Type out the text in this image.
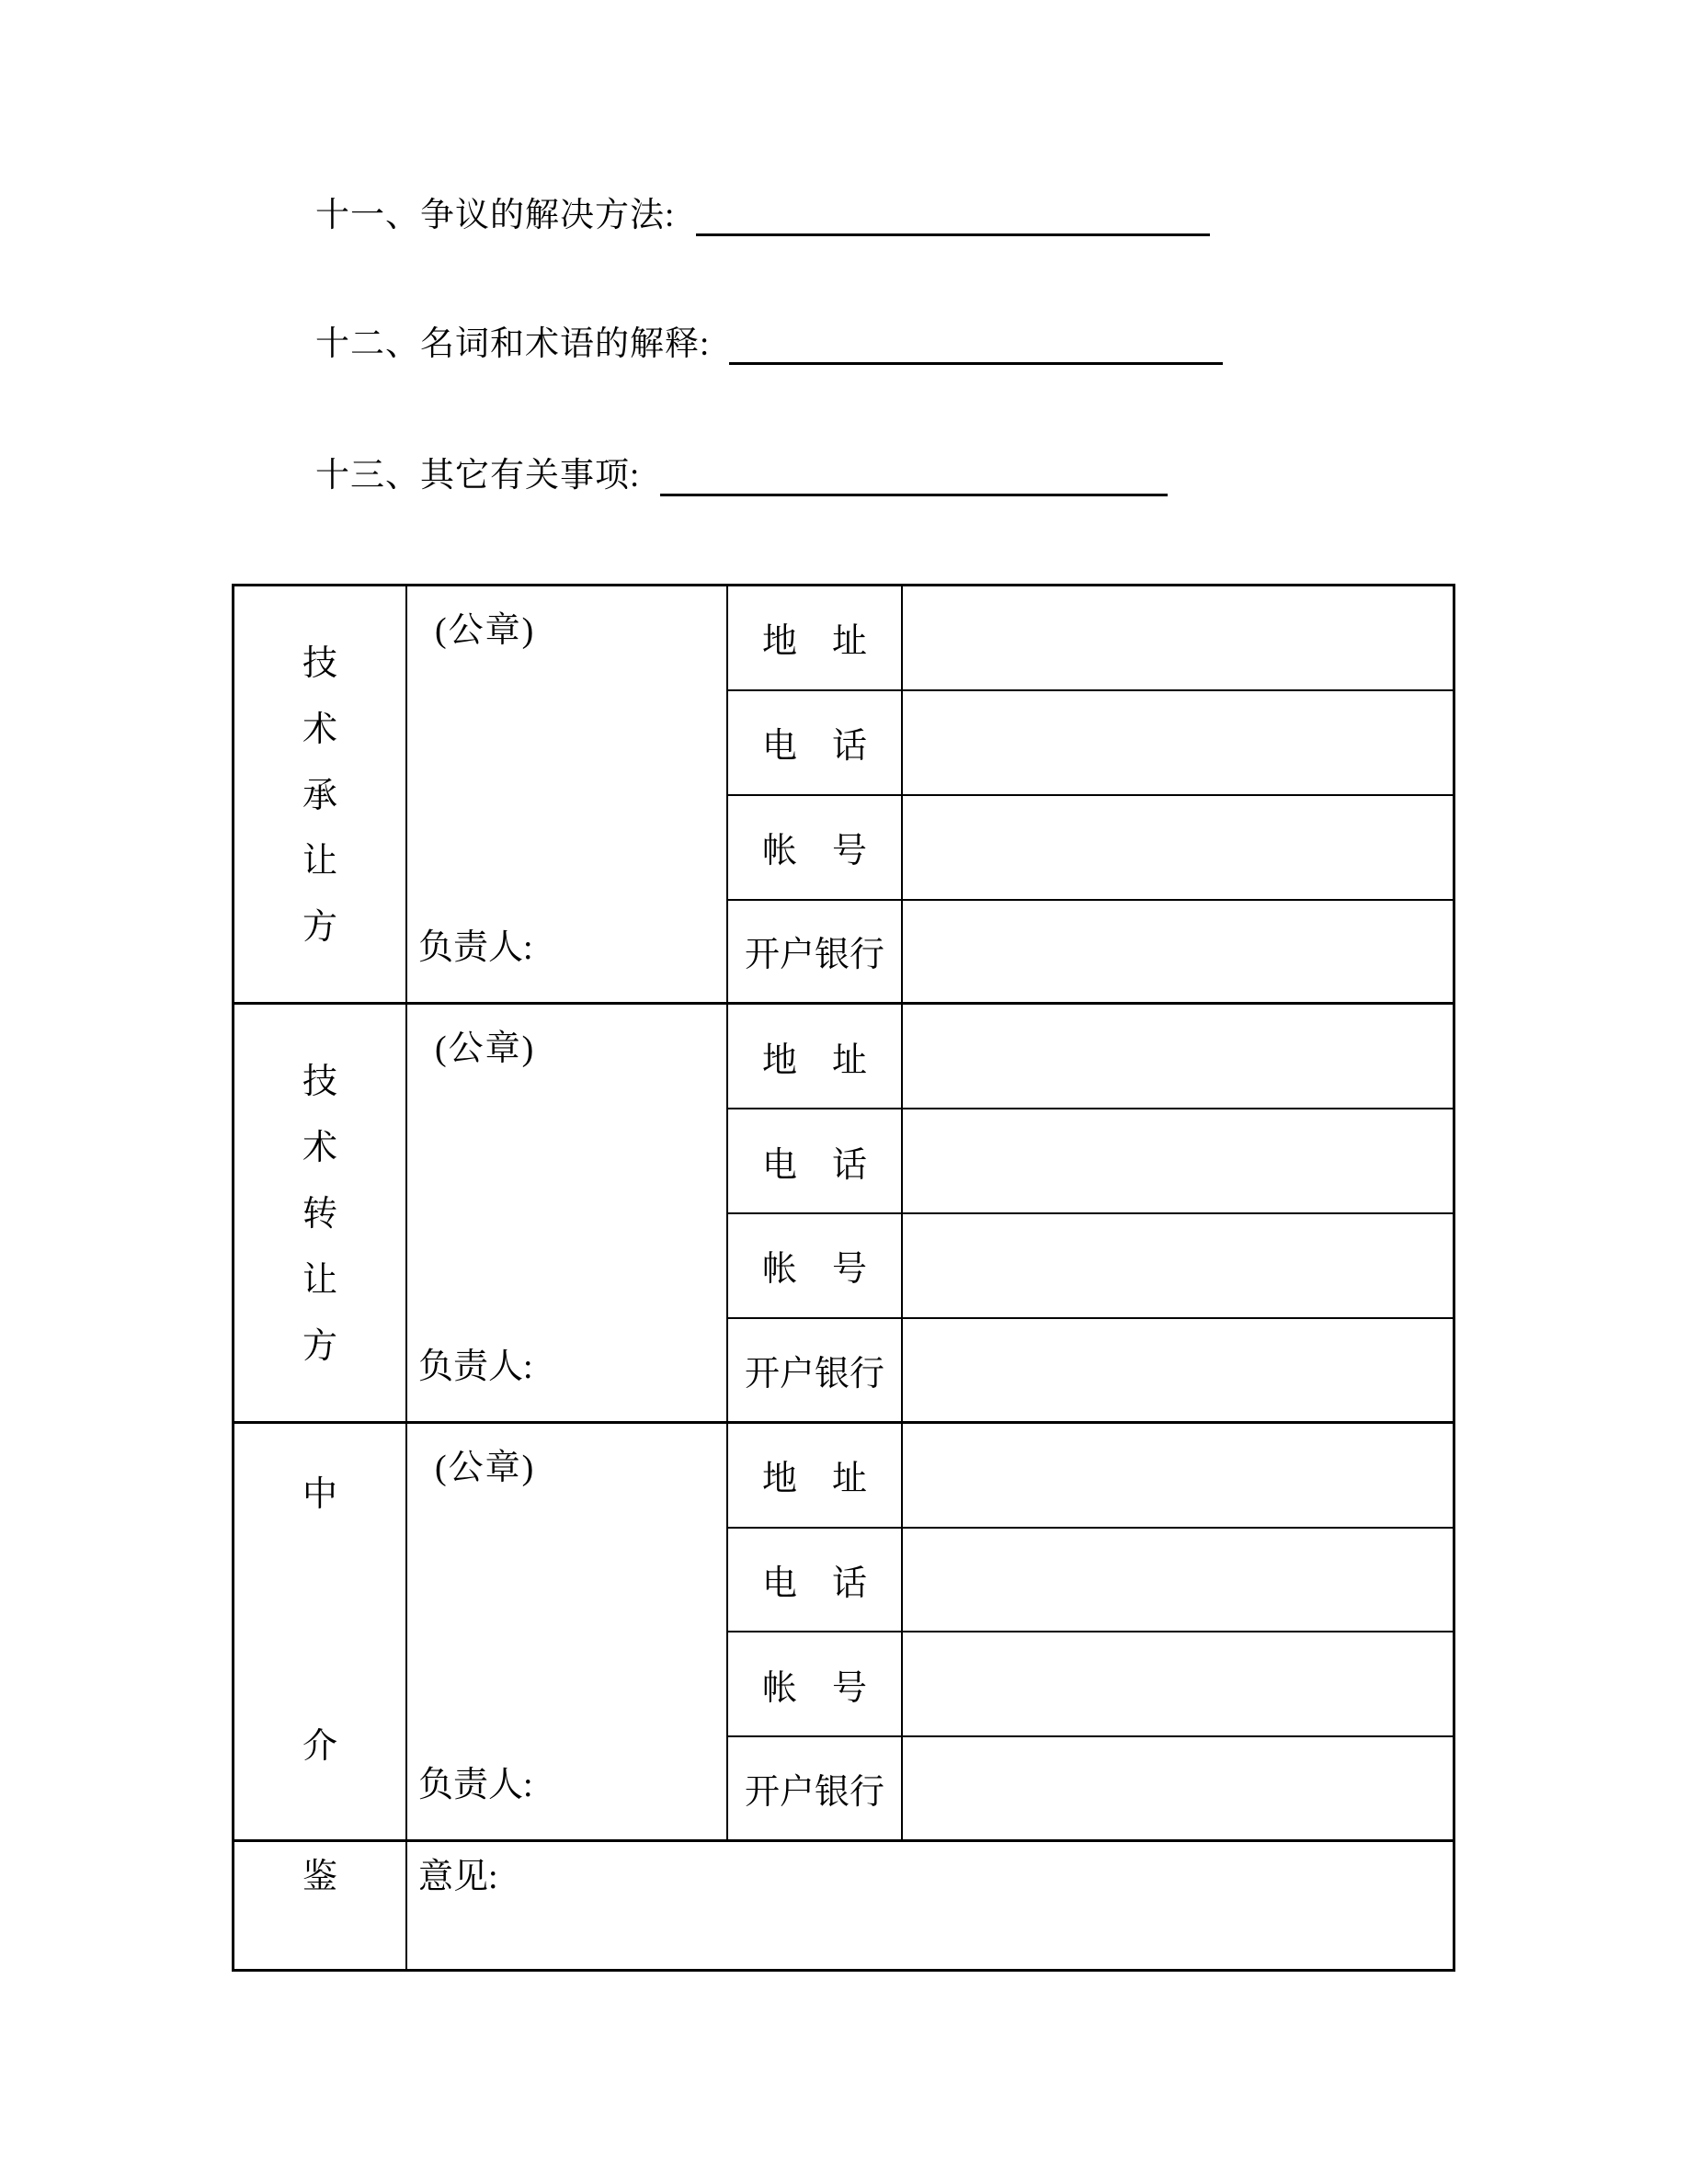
十一、争议的解决方法:
十二、名词和术语的解释:
十三、其它有关事项:
技
术
承
让
方
(公章)
负责人:
地　址
电　话
帐　号
开户银行
技
术
转
让
方
(公章)
负责人:
地　址
电　话
帐　号
开户银行
中
介
(公章)
负责人:
地　址
电　话
帐　号
开户银行
鉴	意见:
